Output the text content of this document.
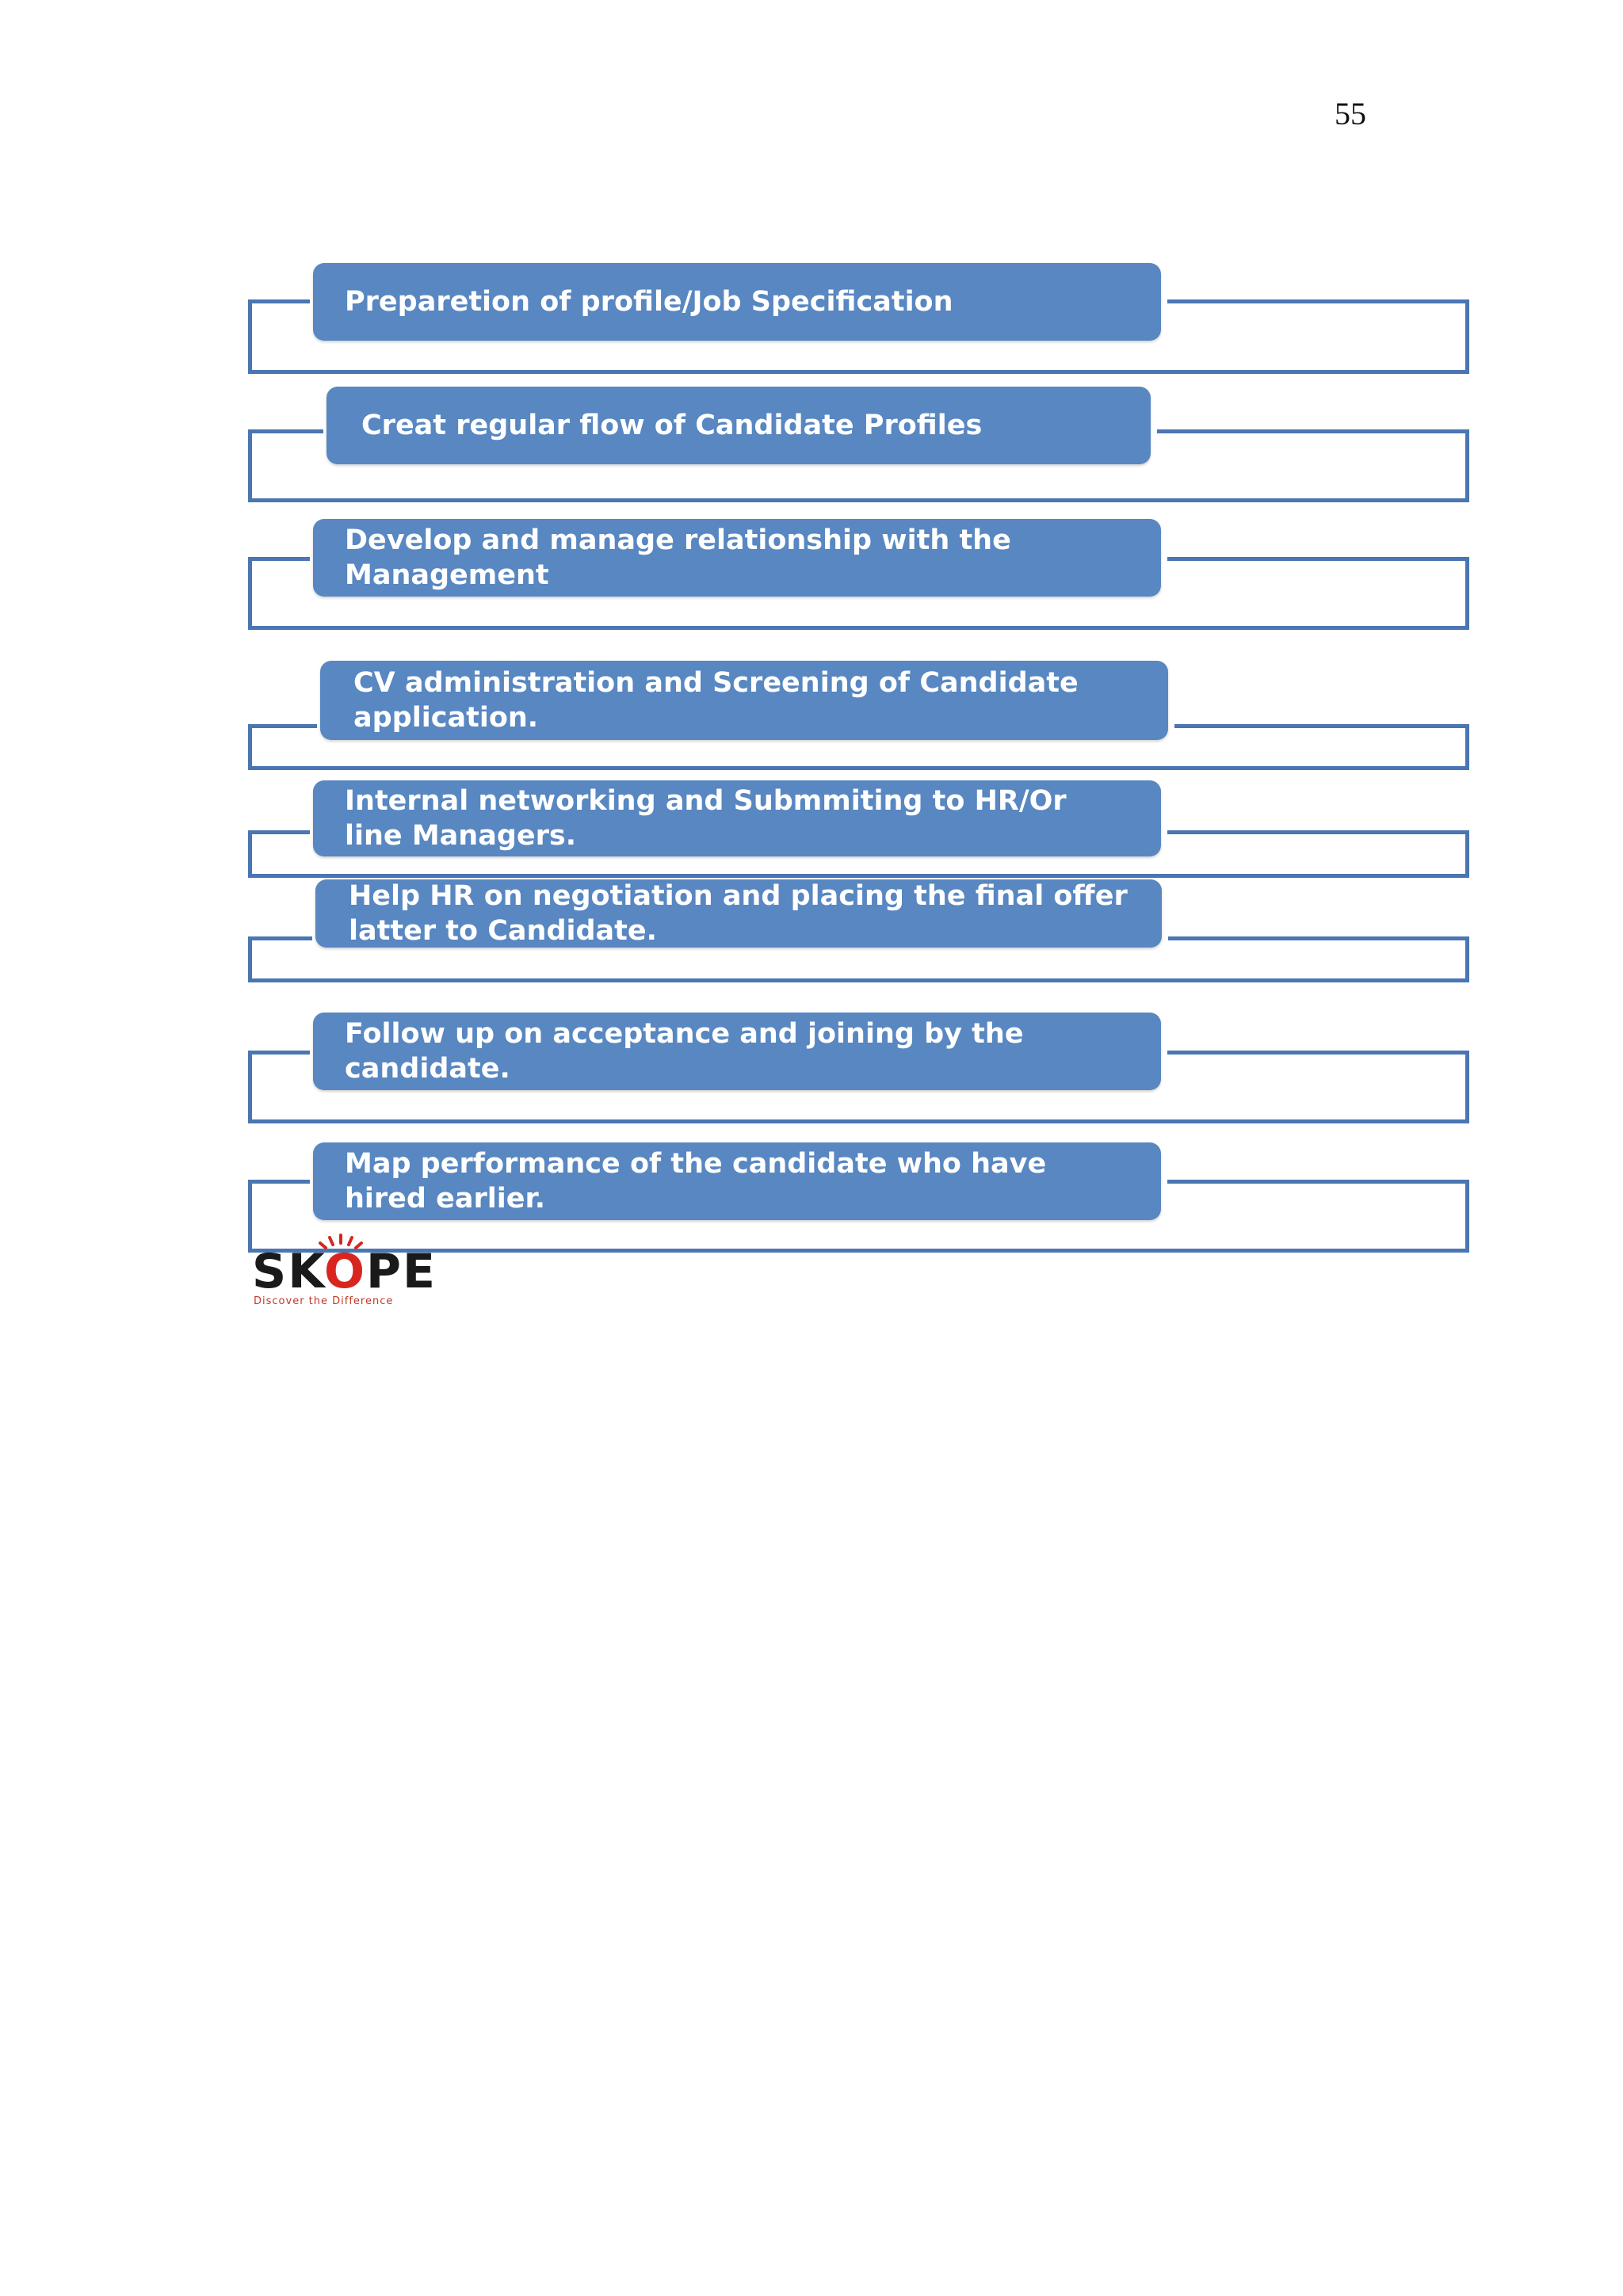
55
Prepareti​on of profile/Job Specification
Creat regular flow of Candidate Profiles
Develop and manage relationship with the Management
CV administration and Screening of Candidate application.
Internal networking and Submmiting to HR/Or line Managers.
Help HR on negotiation and placing the final offer latter to Candidate.
Follow up on acceptance and joining by the candidate.
Map performance of the candidate who have hired earlier.
SKOPE
Discover the Difference
